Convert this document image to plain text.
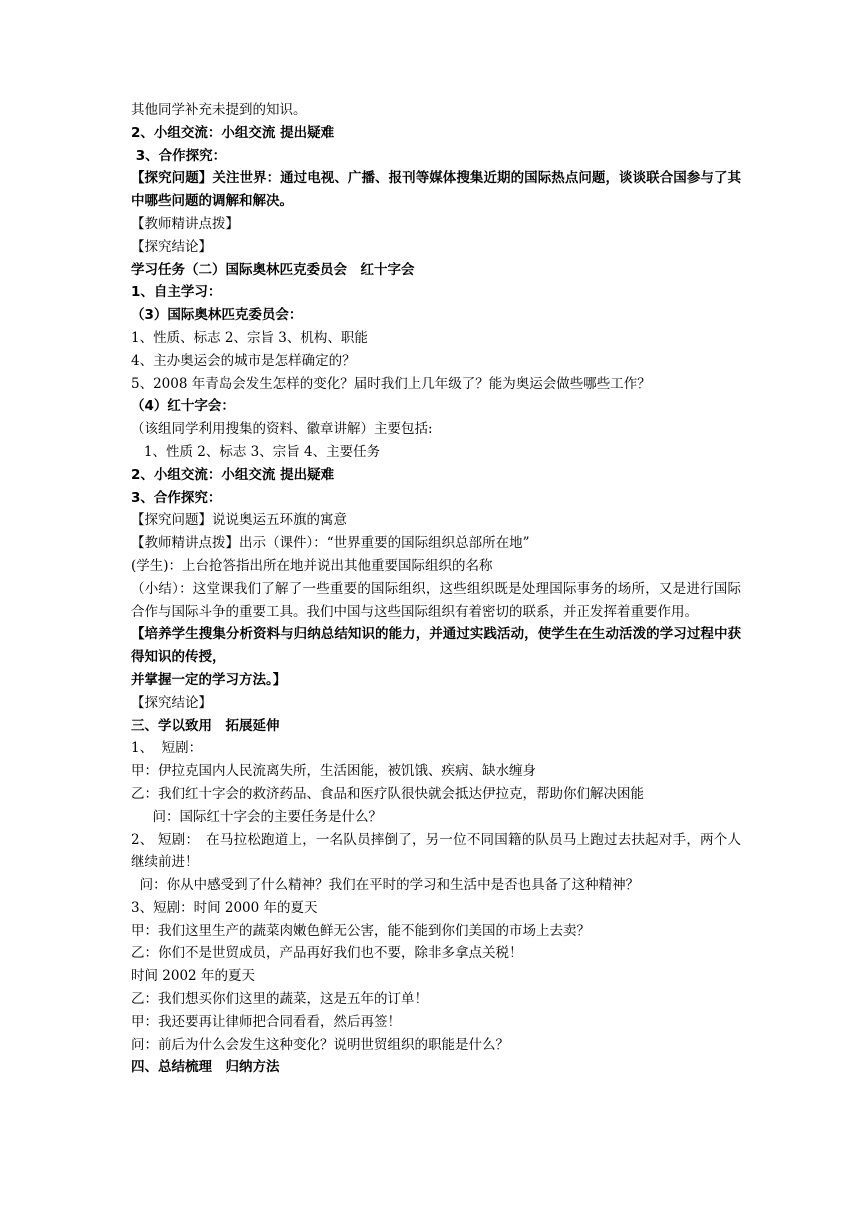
其他同学补充未提到的知识。
2、小组交流：小组交流 提出疑难
3、合作探究：
【探究问题】关注世界：通过电视、广播、报刊等媒体搜集近期的国际热点问题，谈谈联合国参与了其中哪些问题的调解和解决。
【教师精讲点拨】
【探究结论】
学习任务（二）国际奥林匹克委员会　红十字会
1、自主学习：
（3）国际奥林匹克委员会：
1、性质、标志 2、宗旨 3、机构、职能
4、主办奥运会的城市是怎样确定的？
5、2008 年青岛会发生怎样的变化？届时我们上几年级了？能为奥运会做些哪些工作？
（4）红十字会：
（该组同学利用搜集的资料、徽章讲解）主要包括:
1、性质 2、标志 3、宗旨 4、主要任务
2、小组交流：小组交流 提出疑难
3、合作探究：
【探究问题】说说奥运五环旗的寓意
【教师精讲点拨】出示（课件）：“世界重要的国际组织总部所在地”
(学生)：上台抢答指出所在地并说出其他重要国际组织的名称
（小结）：这堂课我们了解了一些重要的国际组织，这些组织既是处理国际事务的场所，又是进行国际合作与国际斗争的重要工具。我们中国与这些国际组织有着密切的联系，并正发挥着重要作用。
【培养学生搜集分析资料与归纳总结知识的能力，并通过实践活动，使学生在生动活泼的学习过程中获得知识的传授，
并掌握一定的学习方法。】
【探究结论】
三、学以致用　拓展延伸
1、  短剧：
甲：伊拉克国内人民流离失所，生活困能，被饥饿、疾病、缺水缠身
乙：我们红十字会的救济药品、食品和医疗队很快就会抵达伊拉克，帮助你们解决困能
问：国际红十字会的主要任务是什么？
2、 短剧：　在马拉松跑道上，一名队员摔倒了，另一位不同国籍的队员马上跑过去扶起对手，两个人继续前进！
问：你从中感受到了什么精神？我们在平时的学习和生活中是否也具备了这种精神？
3、短剧：时间 2000 年的夏天
甲：我们这里生产的蔬菜肉嫩色鲜无公害，能不能到你们美国的市场上去卖？
乙：你们不是世贸成员，产品再好我们也不要，除非多拿点关税！
时间 2002 年的夏天
乙：我们想买你们这里的蔬菜，这是五年的订单！
甲：我还要再让律师把合同看看，然后再签！
问：前后为什么会发生这种变化？说明世贸组织的职能是什么？
四、总结梳理　归纳方法
